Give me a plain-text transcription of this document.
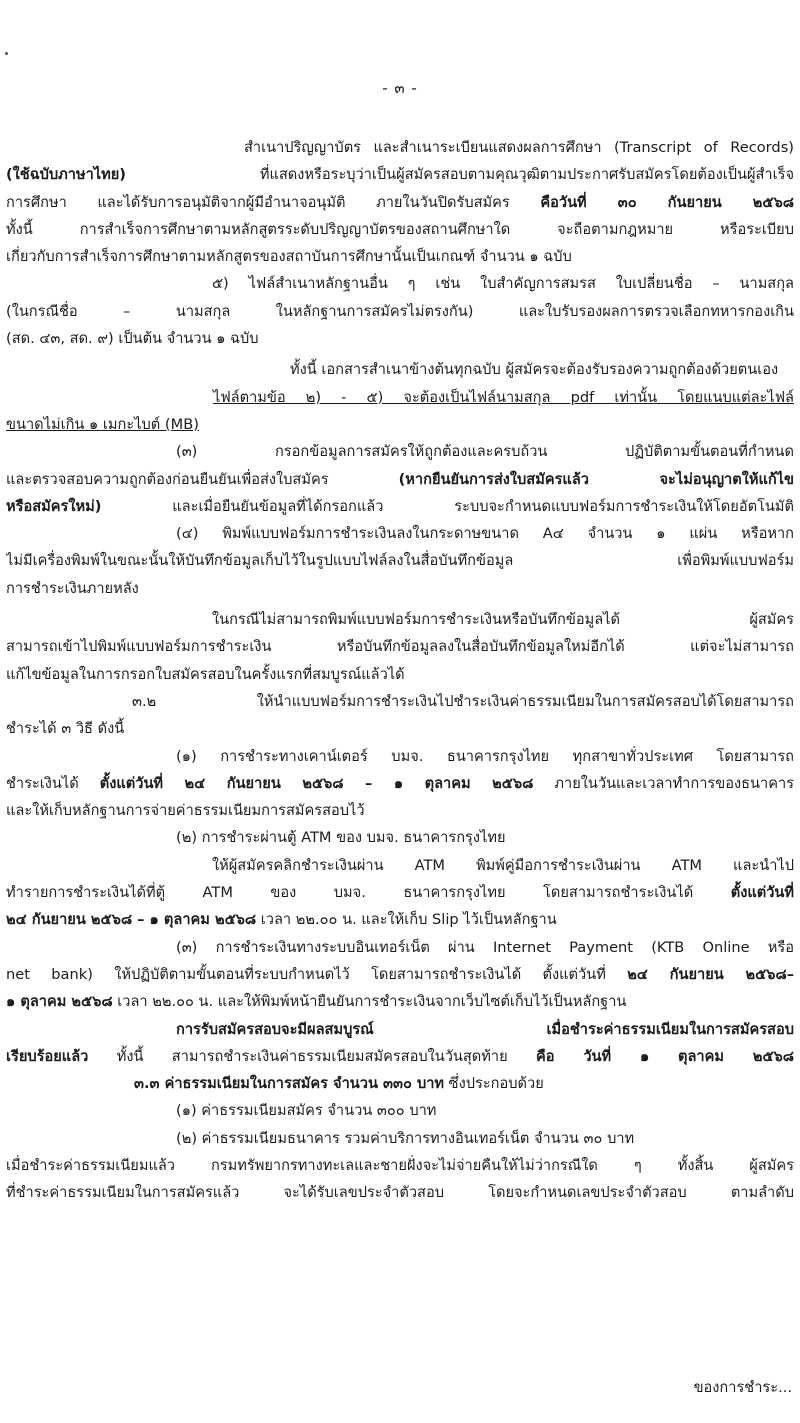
- ๓ -
สำเนาปริญญาบัตร และสำเนาระเบียนแสดงผลการศึกษา (Transcript of Records)
(ใช้ฉบับภาษาไทย) ที่แสดงหรือระบุว่าเป็นผู้สมัครสอบตามคุณวุฒิตามประกาศรับสมัครโดยต้องเป็นผู้สำเร็จ
การศึกษา และได้รับการอนุมัติจากผู้มีอำนาจอนุมัติ ภายในวันปิดรับสมัคร คือวันที่ ๓๐ กันยายน ๒๕๖๘
ทั้งนี้ การสำเร็จการศึกษาตามหลักสูตรระดับปริญญาบัตรของสถานศึกษาใด จะถือตามกฎหมาย หรือระเบียบ
เกี่ยวกับการสำเร็จการศึกษาตามหลักสูตรของสถาบันการศึกษานั้นเป็นเกณฑ์ จำนวน ๑ ฉบับ
๕) ไฟล์สำเนาหลักฐานอื่น ๆ เช่น ใบสำคัญการสมรส ใบเปลี่ยนชื่อ – นามสกุล
(ในกรณีชื่อ – นามสกุล ในหลักฐานการสมัครไม่ตรงกัน) และใบรับรองผลการตรวจเลือกทหารกองเกิน
(สด. ๔๓, สด. ๙) เป็นต้น จำนวน ๑ ฉบับ
ทั้งนี้ เอกสารสำเนาข้างต้นทุกฉบับ ผู้สมัครจะต้องรับรองความถูกต้องด้วยตนเอง
ไฟล์ตามข้อ ๒) - ๕) จะต้องเป็นไฟล์นามสกุล pdf เท่านั้น โดยแนบแต่ละไฟล์
ขนาดไม่เกิน ๑ เมกะไบต์ (MB)
(๓) กรอกข้อมูลการสมัครให้ถูกต้องและครบถ้วน ปฏิบัติตามขั้นตอนที่กำหนด
และตรวจสอบความถูกต้องก่อนยืนยันเพื่อส่งใบสมัคร (หากยืนยันการส่งใบสมัครแล้ว จะไม่อนุญาตให้แก้ไข
หรือสมัครใหม่) และเมื่อยืนยันข้อมูลที่ได้กรอกแล้ว ระบบจะกำหนดแบบฟอร์มการชำระเงินให้โดยอัตโนมัติ
(๔) พิมพ์แบบฟอร์มการชำระเงินลงในกระดาษขนาด A๔ จำนวน ๑ แผ่น หรือหาก
ไม่มีเครื่องพิมพ์ในขณะนั้นให้บันทึกข้อมูลเก็บไว้ในรูปแบบไฟล์ลงในสื่อบันทึกข้อมูล เพื่อพิมพ์แบบฟอร์ม
การชำระเงินภายหลัง
ในกรณีไม่สามารถพิมพ์แบบฟอร์มการชำระเงินหรือบันทึกข้อมูลได้ ผู้สมัคร
สามารถเข้าไปพิมพ์แบบฟอร์มการชำระเงิน หรือบันทึกข้อมูลลงในสื่อบันทึกข้อมูลใหม่อีกได้ แต่จะไม่สามารถ
แก้ไขข้อมูลในการกรอกใบสมัครสอบในครั้งแรกที่สมบูรณ์แล้วได้
๓.๒ ให้นำแบบฟอร์มการชำระเงินไปชำระเงินค่าธรรมเนียมในการสมัครสอบได้โดยสามารถ
ชำระได้ ๓ วิธี ดังนี้
(๑) การชำระทางเคาน์เตอร์ บมจ. ธนาคารกรุงไทย ทุกสาขาทั่วประเทศ โดยสามารถ
ชำระเงินได้ ตั้งแต่วันที่ ๒๔ กันยายน ๒๕๖๘ – ๑ ตุลาคม ๒๕๖๘ ภายในวันและเวลาทำการของธนาคาร
และให้เก็บหลักฐานการจ่ายค่าธรรมเนียมการสมัครสอบไว้
(๒) การชำระผ่านตู้ ATM ของ บมจ. ธนาคารกรุงไทย
ให้ผู้สมัครคลิกชำระเงินผ่าน ATM พิมพ์คู่มือการชำระเงินผ่าน ATM และนำไป
ทำรายการชำระเงินได้ที่ตู้ ATM ของ บมจ. ธนาคารกรุงไทย โดยสามารถชำระเงินได้ ตั้งแต่วันที่
๒๔ กันยายน ๒๕๖๘ – ๑ ตุลาคม ๒๕๖๘ เวลา ๒๒.๐๐ น. และให้เก็บ Slip ไว้เป็นหลักฐาน
(๓) การชำระเงินทางระบบอินเทอร์เน็ต ผ่าน Internet Payment (KTB Online หรือ
net bank) ให้ปฏิบัติตามขั้นตอนที่ระบบกำหนดไว้ โดยสามารถชำระเงินได้ ตั้งแต่วันที่ ๒๔ กันยายน ๒๕๖๘–
๑ ตุลาคม ๒๕๖๘ เวลา ๒๒.๐๐ น. และให้พิมพ์หน้ายืนยันการชำระเงินจากเว็บไซต์เก็บไว้เป็นหลักฐาน
การรับสมัครสอบจะมีผลสมบูรณ์ เมื่อชำระค่าธรรมเนียมในการสมัครสอบ
เรียบร้อยแล้ว ทั้งนี้ สามารถชำระเงินค่าธรรมเนียมสมัครสอบในวันสุดท้าย คือ วันที่ ๑ ตุลาคม ๒๕๖๘
๓.๓ ค่าธรรมเนียมในการสมัคร จำนวน ๓๓๐ บาท ซึ่งประกอบด้วย
(๑) ค่าธรรมเนียมสมัคร จำนวน ๓๐๐ บาท
(๒) ค่าธรรมเนียมธนาคาร รวมค่าบริการทางอินเทอร์เน็ต จำนวน ๓๐ บาท
เมื่อชำระค่าธรรมเนียมแล้ว กรมทรัพยากรทางทะเลและชายฝั่งจะไม่จ่ายคืนให้ไม่ว่ากรณีใด ๆ ทั้งสิ้น ผู้สมัคร
ที่ชำระค่าธรรมเนียมในการสมัครแล้ว จะได้รับเลขประจำตัวสอบ โดยจะกำหนดเลขประจำตัวสอบ ตามลำดับ
ของการชำระ...
